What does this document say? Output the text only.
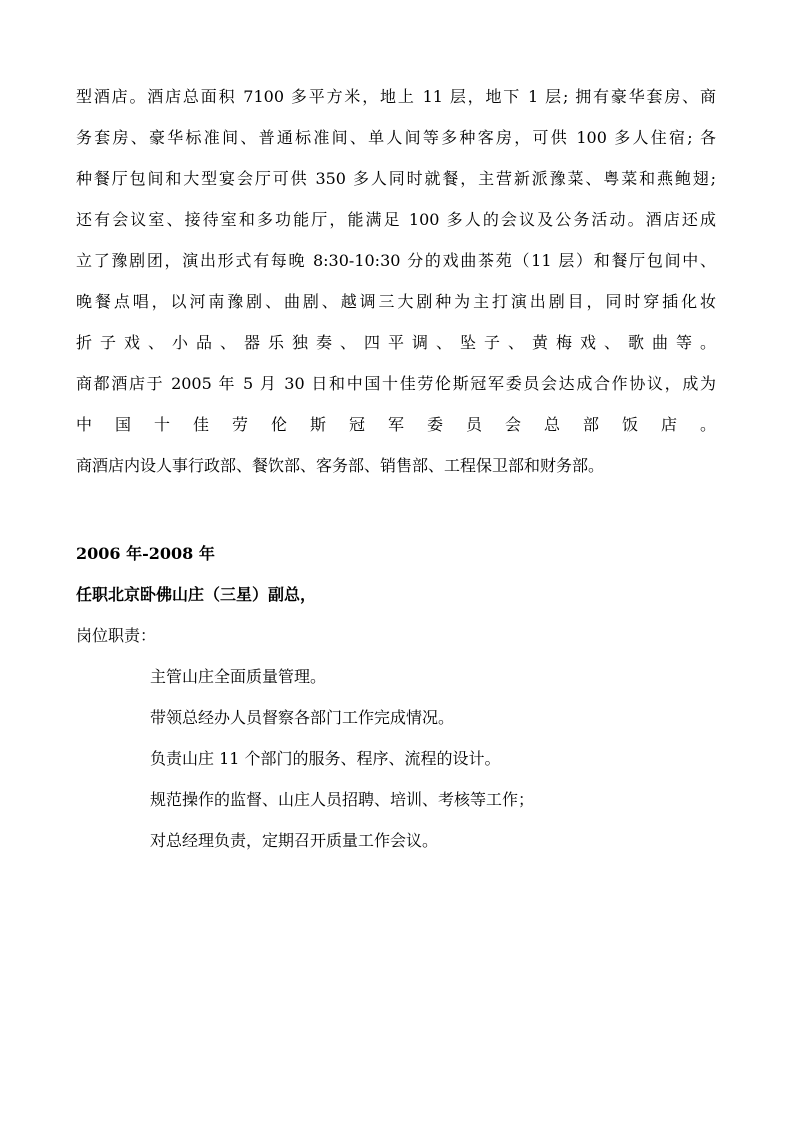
型酒店。酒店总面积 7100 多平方米，地上 11 层，地下 1 层; 拥有豪华套房、商
务套房、豪华标准间、普通标准间、单人间等多种客房，可供 100 多人住宿; 各
种餐厅包间和大型宴会厅可供 350 多人同时就餐，主营新派豫菜、粤菜和燕鲍翅;
还有会议室、接待室和多功能厅，能满足 100 多人的会议及公务活动。酒店还成
立了豫剧团，演出形式有每晚 8:30-10:30 分的戏曲茶苑（11 层）和餐厅包间中、
晚餐点唱，以河南豫剧、曲剧、越调三大剧种为主打演出剧目，同时穿插化妆
折子戏、小品、器乐独奏、四平调、坠子、黄梅戏、歌曲等。
商都酒店于 2005 年 5 月 30 日和中国十佳劳伦斯冠军委员会达成合作协议，成为
中国十佳劳伦斯冠军委员会总部饭店。
商酒店内设人事行政部、餐饮部、客务部、销售部、工程保卫部和财务部。
2006 年-2008 年
任职北京卧佛山庄（三星）副总，
岗位职责：
主管山庄全面质量管理。
带领总经办人员督察各部门工作完成情况。
负责山庄 11 个部门的服务、程序、流程的设计。
规范操作的监督、山庄人员招聘、培训、考核等工作；
对总经理负责，定期召开质量工作会议。
